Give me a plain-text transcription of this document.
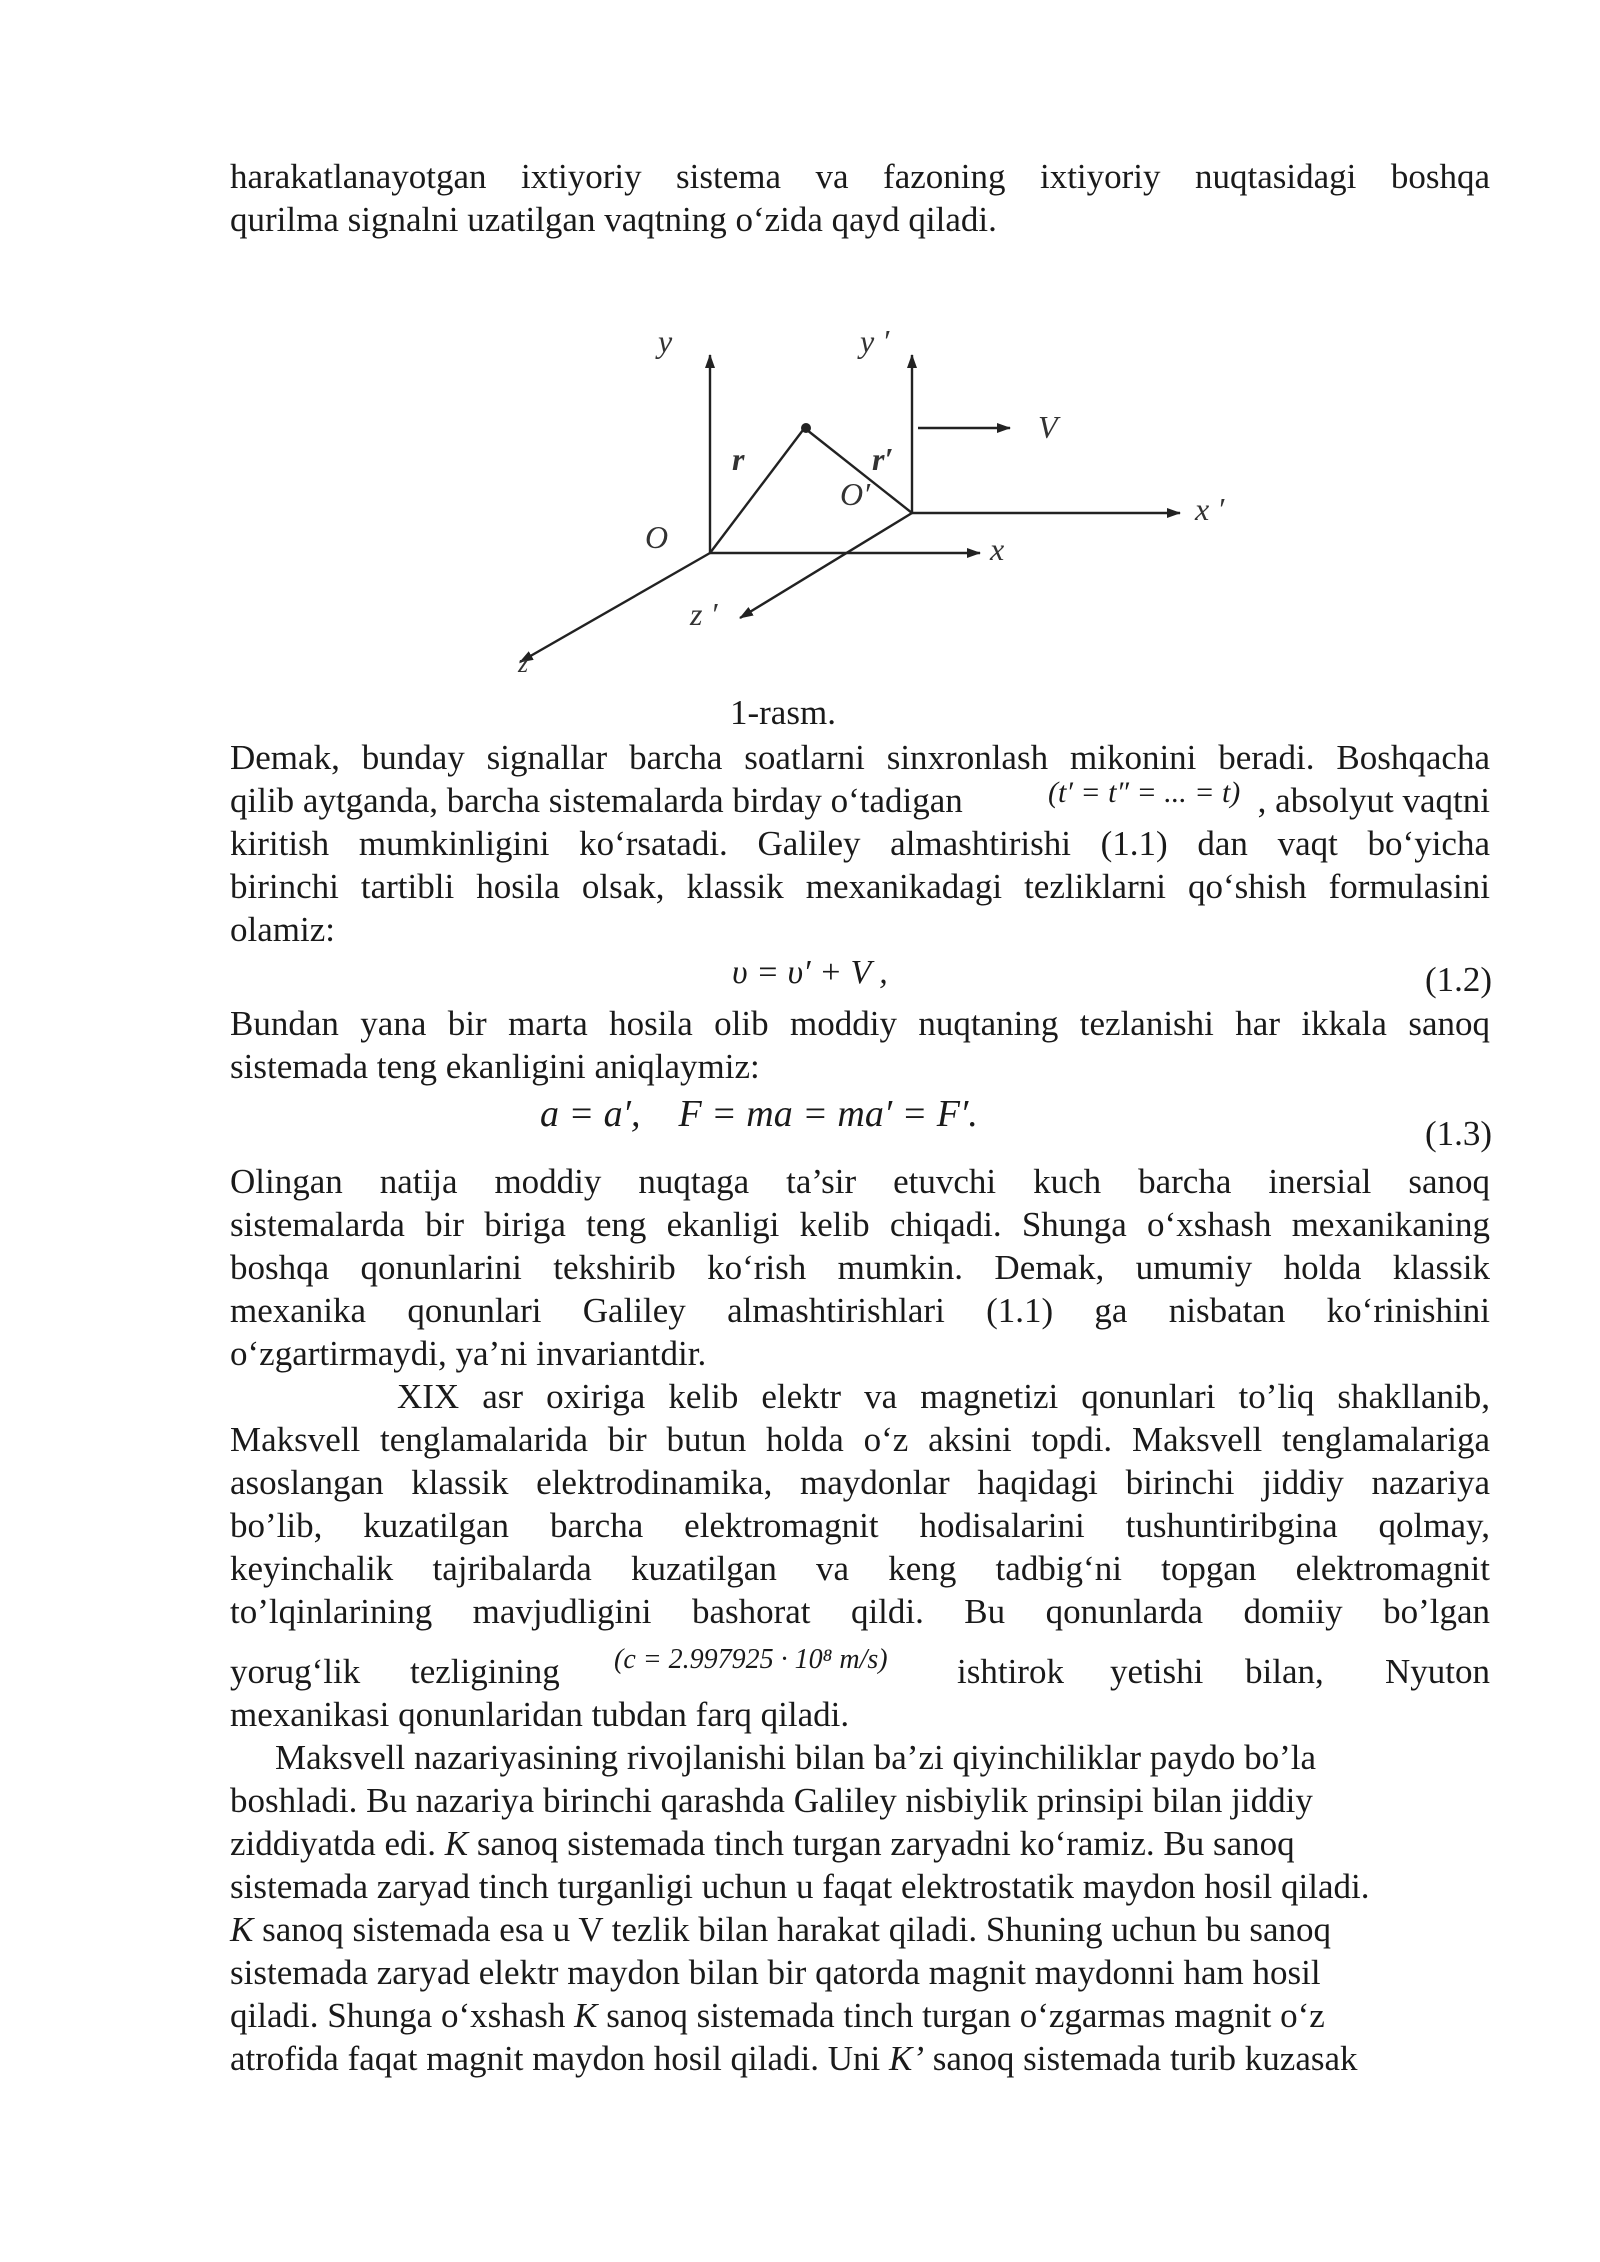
harakatlanayotgan ixtiyoriy sistema va fazoning ixtiyoriy nuqtasidagi boshqa
qurilma signalni uzatilgan vaqtning o‘zida qayd qiladi.
y	y ′
V
r	r′
O′
O	x
x ′
z ′
z
1-rasm.
Demak, bunday signallar barcha soatlarni sinxronlash mikonini beradi. Boshqacha
qilib aytganda, barcha sistemalarda birday o‘tadigan	(t′ = t″ = ... = t) , absolyut vaqtni
kiritish mumkinligini ko‘rsatadi. Galiley almashtirishi (1.1) dan vaqt bo‘yicha
birinchi tartibli hosila olsak, klassik mexanikadagi tezliklarni qo‘shish formulasini
olamiz:
υ = υ′ + V ,	(1.2)
Bundan yana bir marta hosila olib moddiy nuqtaning tezlanishi har ikkala sanoq
sistemada teng ekanligini aniqlaymiz:
a = a′,    F = ma = ma′ = F′.	(1.3)
Olingan natija moddiy nuqtaga ta’sir etuvchi kuch barcha inersial sanoq
sistemalarda bir biriga teng ekanligi kelib chiqadi. Shunga o‘xshash mexanikaning
boshqa qonunlarini tekshirib ko‘rish mumkin. Demak, umumiy holda klassik
mexanika qonunlari Galiley almashtirishlari (1.1) ga nisbatan ko‘rinishini
o‘zgartirmaydi, ya’ni invariantdir.
XIX asr oxiriga kelib elektr va magnetizi qonunlari to’liq shakllanib,
Maksvell tenglamalarida bir butun holda o‘z aksini topdi. Maksvell tenglamalariga
asoslangan klassik elektrodinamika, maydonlar haqidagi birinchi jiddiy nazariya
bo’lib, kuzatilgan barcha elektromagnit hodisalarini tushuntiribgina qolmay,
keyinchalik tajribalarda kuzatilgan va keng tadbig‘ni topgan elektromagnit
to’lqinlarining mavjudligini bashorat qildi. Bu qonunlarda domiiy bo’lgan
yorug‘lik tezligining (c = 2.997925 · 10⁸ m/s) ishtirok yetishi bilan, Nyuton
mexanikasi qonunlaridan tubdan farq qiladi.
Maksvell nazariyasining rivojlanishi bilan ba’zi qiyinchiliklar paydo bo’la
boshladi. Bu nazariya birinchi qarashda Galiley nisbiylik prinsipi bilan jiddiy
ziddiyatda edi. K sanoq sistemada tinch turgan zaryadni ko‘ramiz. Bu sanoq
sistemada zaryad tinch turganligi uchun u faqat elektrostatik maydon hosil qiladi.
K sanoq sistemada esa u V tezlik bilan harakat qiladi. Shuning uchun bu sanoq
sistemada zaryad elektr maydon bilan bir qatorda magnit maydonni ham hosil
qiladi. Shunga o‘xshash K sanoq sistemada tinch turgan o‘zgarmas magnit o‘z
atrofida faqat magnit maydon hosil qiladi. Uni K’ sanoq sistemada turib kuzasak
